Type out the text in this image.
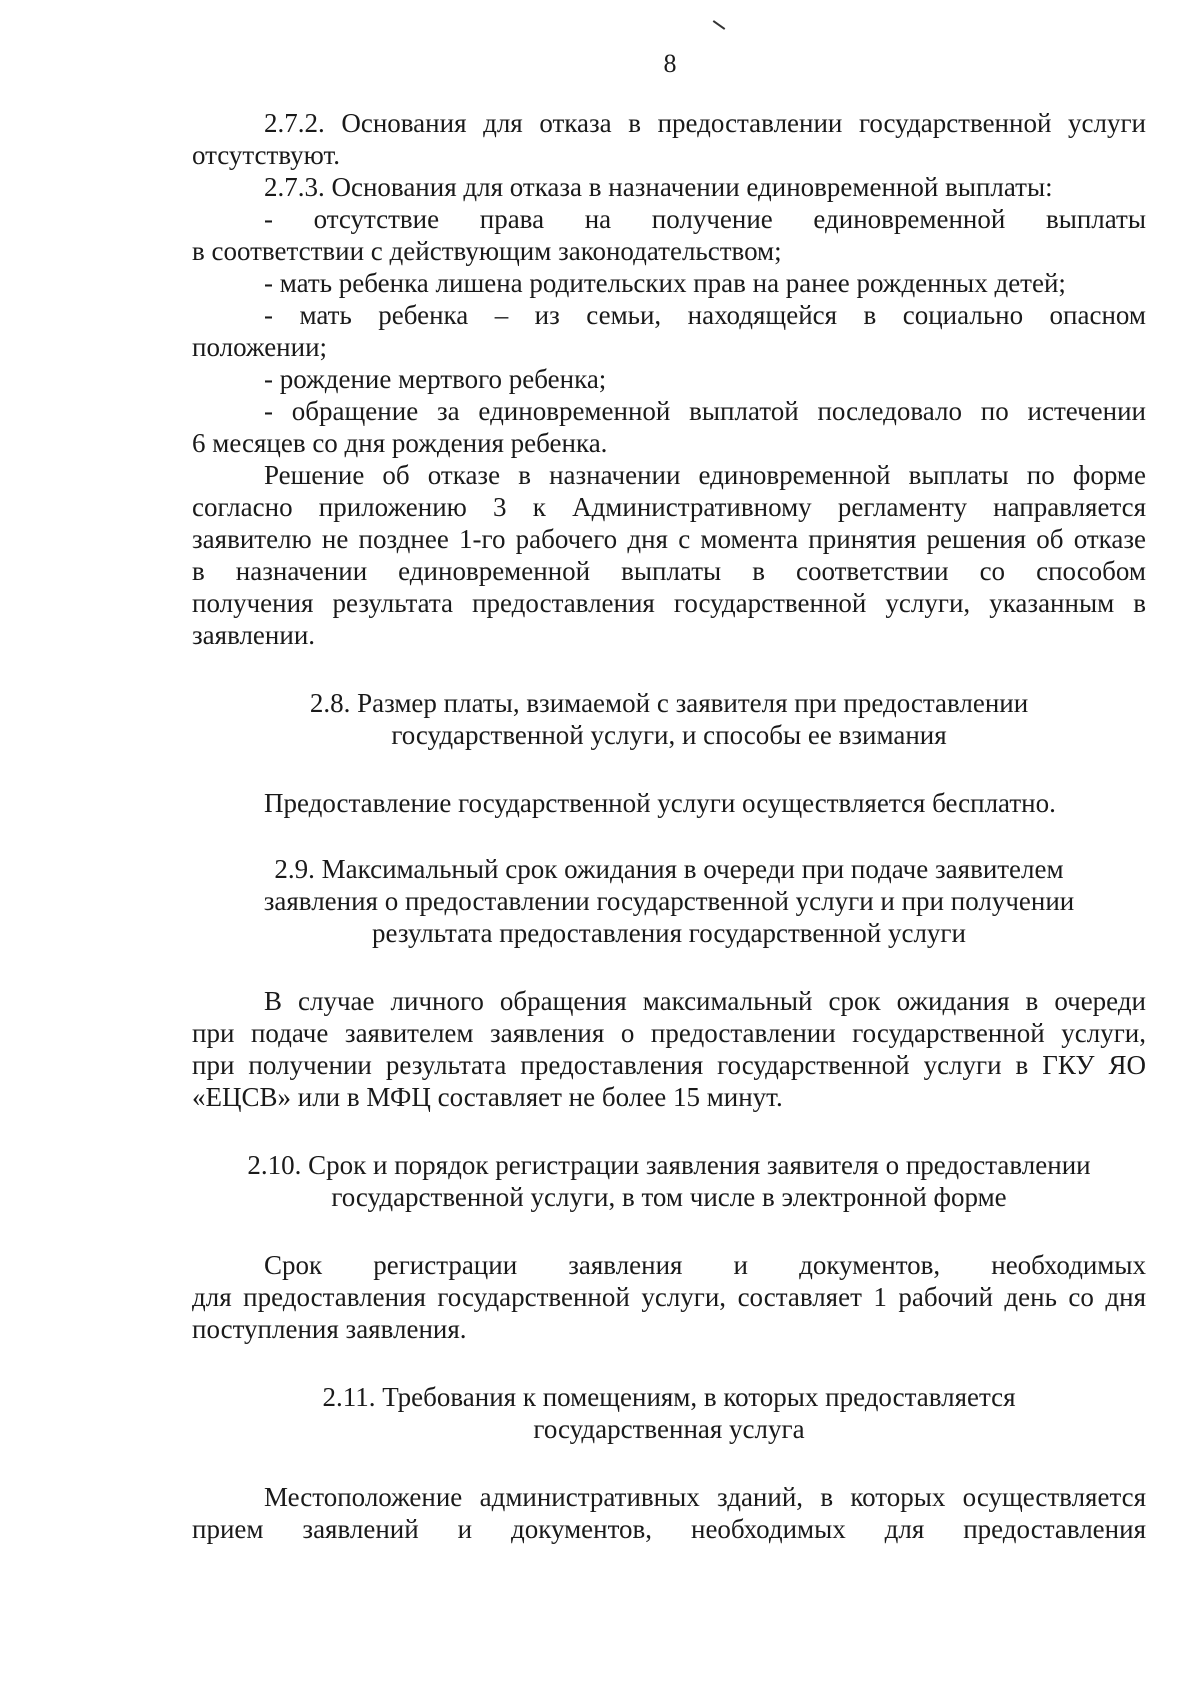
8

2.7.2. Основания для отказа в предоставлении государственной услуги

отсутствуют.

2.7.3. Основания для отказа в назначении единовременной выплаты:

- отсутствие права на получение единовременной выплаты

в соответствии с действующим законодательством;

- мать ребенка лишена родительских прав на ранее рожденных детей;

- мать ребенка – из семьи, находящейся в социально опасном

положении;

- рождение мертвого ребенка;

- обращение за единовременной выплатой последовало по истечении

6 месяцев со дня рождения ребенка.

Решение об отказе в назначении единовременной выплаты по форме

согласно приложению 3 к Административному регламенту направляется

заявителю не позднее 1-го рабочего дня с момента принятия решения об отказе

в назначении единовременной выплаты в соответствии со способом

получения результата предоставления государственной услуги, указанным в

заявлении.

2.8. Размер платы, взимаемой с заявителя при предоставлении

государственной услуги, и способы ее взимания

Предоставление государственной услуги осуществляется бесплатно.

2.9. Максимальный срок ожидания в очереди при подаче заявителем

заявления о предоставлении государственной услуги и при получении

результата предоставления государственной услуги

В случае личного обращения максимальный срок ожидания в очереди

при подаче заявителем заявления о предоставлении государственной услуги,

при получении результата предоставления государственной услуги в ГКУ ЯО

«ЕЦСВ» или в МФЦ составляет не более 15 минут.

2.10. Срок и порядок регистрации заявления заявителя о предоставлении

государственной услуги, в том числе в электронной форме

Срок регистрации заявления и документов, необходимых

для предоставления государственной услуги, составляет 1 рабочий день со дня

поступления заявления.

2.11. Требования к помещениям, в которых предоставляется

государственная услуга

Местоположение административных зданий, в которых осуществляется

прием заявлений и документов, необходимых для предоставления
